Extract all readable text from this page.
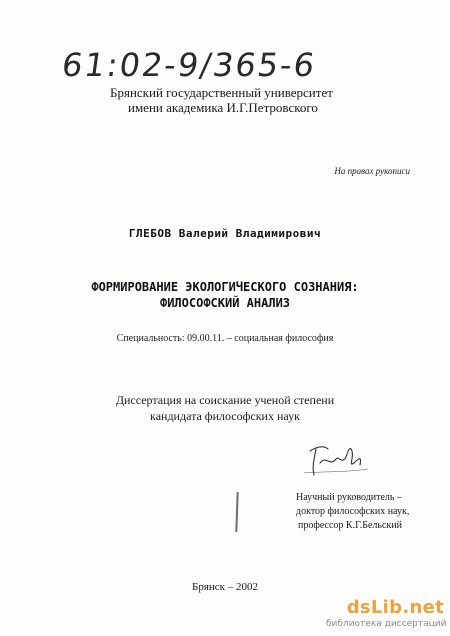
61:02-9/365-6
Брянский государственный университет
имени академика И.Г.Петровского
На правах рукописи
ГЛЕБОВ Валерий Владимирович
ФОРМИРОВАНИЕ ЭКОЛОГИЧЕСКОГО СОЗНАНИЯ:
ФИЛОСОФСКИЙ АНАЛИЗ
Специальность: 09.00.11. – социальная философия
Диссертация на соискание ученой степени
кандидата философских наук
Научный руководитель –
доктор философских наук,
профессор К.Г.Бельский
Брянск – 2002
dsLib.net
библиотека диссертаций
